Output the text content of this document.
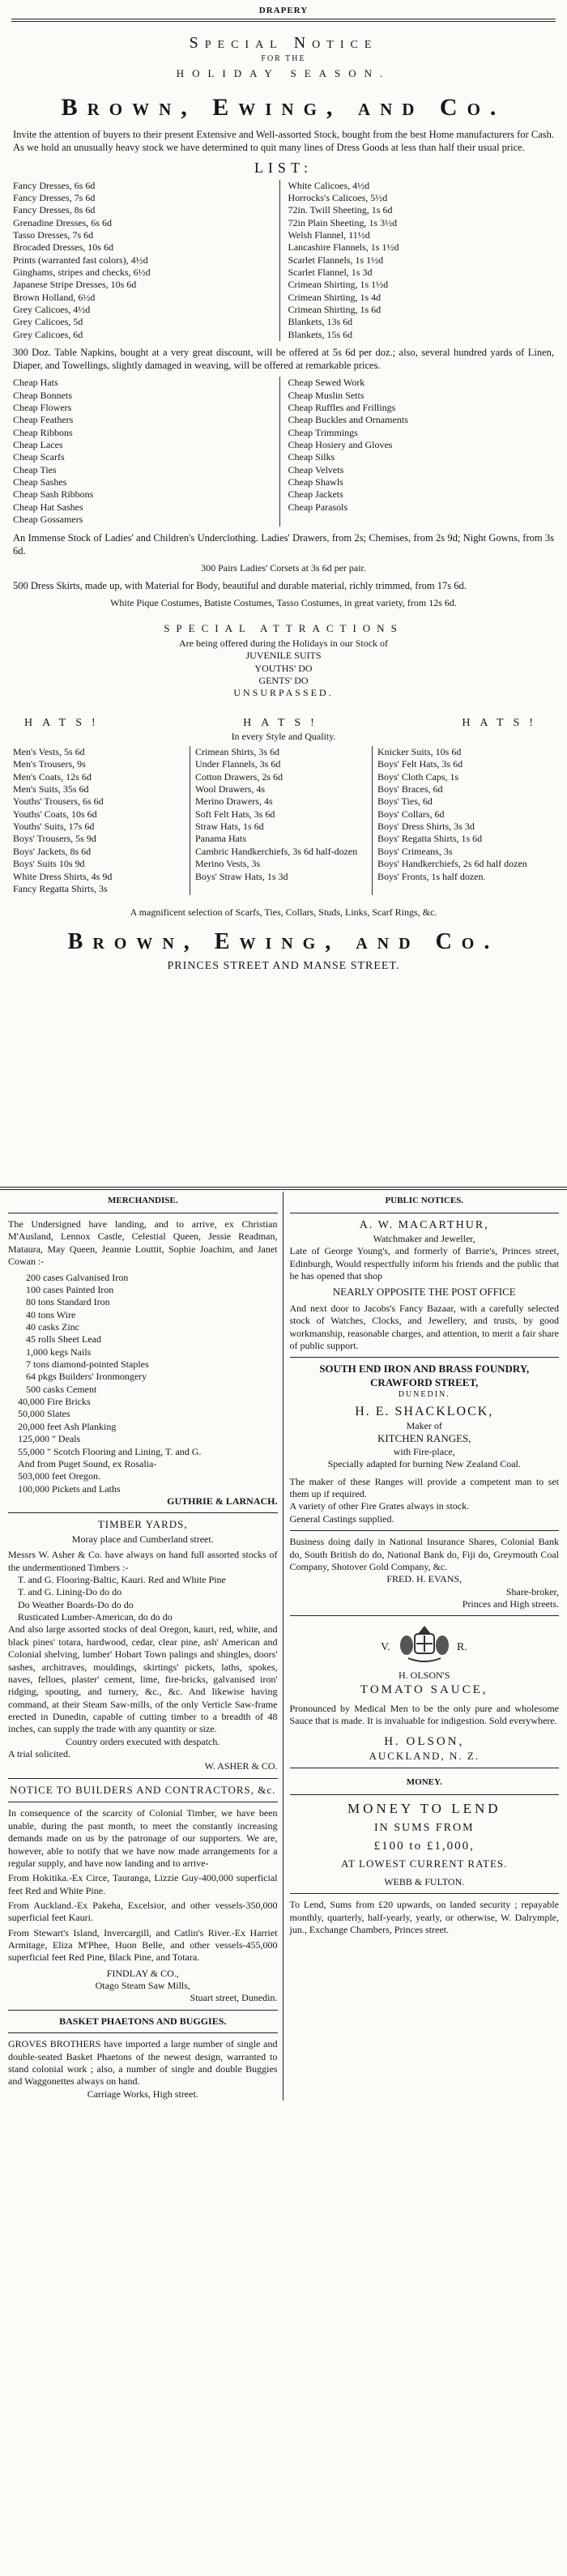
DRAPERY
Special Notice
FOR THE
HOLIDAY SEASON.
Brown, Ewing, and Co.
Invite the attention of buyers to their present Extensive and Well-assorted Stock, bought from the best Home manufacturers for Cash. As we hold an unusually heavy stock we have determined to quit many lines of Dress Goods at less than half their usual price.
LIST:
Fancy Dresses, 6s 6d
Fancy Dresses, 7s 6d
Fancy Dresses, 8s 6d
Grenadine Dresses, 6s 6d
Tasso Dresses, 7s 6d
Brocaded Dresses, 10s 6d
Prints (warranted fast colors), 4½d
Ginghams, stripes and checks, 6½d
Japanese Stripe Dresses, 10s 6d
Brown Holland, 6½d
Grey Calicoes, 4½d
Grey Calicoes, 5d
Grey Calicoes, 6d
White Calicoes, 4½d
Horrocks's Calicoes, 5½d
72in. Twill Sheeting, 1s 6d
72in Plain Sheeting, 1s 3½d
Welsh Flannel, 11½d
Lancashire Flannels, 1s 1½d
Scarlet Flannels, 1s 1½d
Scarlet Flannel, 1s 3d
Crimean Shirting, 1s 1½d
Crimean Shirting, 1s 4d
Crimean Shirting, 1s 6d
Blankets, 13s 6d
Blankets, 15s 6d
300 Doz. Table Napkins, bought at a very great discount, will be offered at 5s 6d per doz.; also, several hundred yards of Linen, Diaper, and Towellings, slightly damaged in weaving, will be offered at remarkable prices.
Cheap Hats
Cheap Bonnets
Cheap Flowers
Cheap Feathers
Cheap Ribbons
Cheap Laces
Cheap Scarfs
Cheap Ties
Cheap Sashes
Cheap Sash Ribbons
Cheap Hat Sashes
Cheap Gossamers
Cheap Sewed Work
Cheap Muslin Setts
Cheap Ruffles and Frillings
Cheap Buckles and Ornaments
Cheap Trimmings
Cheap Hosiery and Gloves
Cheap Silks
Cheap Velvets
Cheap Shawls
Cheap Jackets
Cheap Parasols
An Immense Stock of Ladies' and Children's Underclothing. Ladies' Drawers, from 2s; Chemises, from 2s 9d; Night Gowns, from 3s 6d.
300 Pairs Ladies' Corsets at 3s 6d per pair.
500 Dress Skirts, made up, with Material for Body, beautiful and durable material, richly trimmed, from 17s 6d.
White Pique Costumes, Batiste Costumes, Tasso Costumes, in great variety, from 12s 6d.
SPECIAL ATTRACTIONS
Are being offered during the Holidays in our Stock of
JUVENILE SUITS
YOUTHS' DO
GENTS' DO
UNSURPASSED.
HATS!	HATS!	HATS!
In every Style and Quality.
Men's Vests, 5s 6d
Men's Trousers, 9s
Men's Coats, 12s 6d
Men's Suits, 35s 6d
Youths' Trousers, 6s 6d
Youths' Coats, 10s 6d
Youths' Suits, 17s 6d
Boys' Trousers, 5s 9d
Boys' Jackets, 8s 6d
Boys' Suits 10s 9d
White Dress Shirts, 4s 9d
Fancy Regatta Shirts, 3s
Crimean Shirts, 3s 6d
Under Flannels, 3s 6d
Cotton Drawers, 2s 6d
Wool Drawers, 4s
Merino Drawers, 4s
Soft Felt Hats, 3s 6d
Straw Hats, 1s 6d
Panama Hats
Cambric Handkerchiefs, 3s 6d half-dozen
Merino Vests, 3s
Boys' Straw Hats, 1s 3d
Knicker Suits, 10s 6d
Boys' Felt Hats, 3s 6d
Boys' Cloth Caps, 1s
Boys' Braces, 6d
Boys' Ties, 6d
Boys' Collars, 6d
Boys' Dress Shirts, 3s 3d
Boys' Regatta Shirts, 1s 6d
Boys' Crimeans, 3s
Boys' Handkerchiefs, 2s 6d half dozen
Boys' Fronts, 1s half dozen.
A magnificent selection of Scarfs, Ties, Collars, Studs, Links, Scarf Rings, &c.
Brown, Ewing, and Co.
PRINCES STREET AND MANSE STREET.
MERCHANDISE.
The Undersigned have landing, and to arrive, ex Christian M'Ausland, Lennox Castle, Celestial Queen, Jessie Readman, Mataura, May Queen, Jeannie Louttit, Sophie Joachim, and Janet Cowan :-
200 cases Galvanised Iron
100 cases Painted Iron
80 tons Standard Iron
40 tons Wire
40 casks Zinc
45 rolls Sheet Lead
1,000 kegs Nails
7 tons diamond-pointed Staples
64 pkgs Builders' Ironmongery
500 casks Cement
40,000 Fire Bricks
50,000 Slates
20,000 feet Ash Planking
125,000 " Deals
55,000 " Scotch Flooring and Lining, T. and G.
And from Puget Sound, ex Rosalia-
503,000 feet Oregon.
100,000 Pickets and Laths
GUTHRIE & LARNACH.
TIMBER YARDS,
Moray place and Cumberland street.
Messrs W. Asher & Co. have always on hand full assorted stocks of the undermentioned Timbers :-
T. and G. Flooring-Baltic, Kauri. Red and White Pine
T. and G. Lining-Do do do
Do Weather Boards-Do do do
Rusticated Lumber-American, do do do
And also large assorted stocks of deal Oregon, kauri, red, white, and black pines' totara, hardwood, cedar, clear pine, ash' American and Colonial shelving, lumber' Hobart Town palings and shingles, doors' sashes, architraves, mouldings, skirtings' pickets, laths, spokes, naves, felloes, plaster' cement, lime, fire-bricks, galvanised iron' ridging, spouting, and turnery, &c., &c. And likewise having command, at their Steam Saw-mills, of the only Verticle Saw-frame erected in Dunedin, capable of cutting timber to a breadth of 48 inches, can supply the trade with any quantity or size.
Country orders executed with despatch.
A trial solicited.
W. ASHER & CO.
NOTICE TO BUILDERS AND CONTRACTORS, &c.
In consequence of the scarcity of Colonial Timber, we have been unable, during the past month, to meet the constantly increasing demands made on us by the patronage of our supporters. We are, however, able to notify that we have now made arrangements for a regular supply, and have now landing and to arrive-
From Hokitika.-Ex Circe, Tauranga, Lizzie Guy-400,000 superficial feet Red and White Pine.
From Auckland.-Ex Pakeha, Excelsior, and other vessels-350,000 superficial feet Kauri.
From Stewart's Island, Invercargill, and Catlin's River.-Ex Harriet Armitage, Eliza M'Phee, Huon Belle, and other vessels-455,000 superficial feet Red Pine, Black Pine, and Totara.
FINDLAY & CO.,
Otago Steam Saw Mills,
Stuart street, Dunedin.
BASKET PHAETONS AND BUGGIES.
GROVES BROTHERS have imported a large number of single and double-seated Basket Phaetons of the newest design, warranted to stand colonial work ; also, a number of single and double Buggies and Waggonettes always on hand.
Carriage Works, High street.
PUBLIC NOTICES.
A. W. MACARTHUR,
Watchmaker and Jeweller,
Late of George Young's, and formerly of Barrie's, Princes street, Edinburgh, Would respectfully inform his friends and the public that he has opened that shop
NEARLY OPPOSITE THE POST OFFICE
And next door to Jacobs's Fancy Bazaar, with a carefully selected stock of Watches, Clocks, and Jewellery, and trusts, by good workmanship, reasonable charges, and attention, to merit a fair share of public support.
SOUTH END IRON AND BRASS FOUNDRY,
CRAWFORD STREET,
DUNEDIN.
H. E. SHACKLOCK,
Maker of
KITCHEN RANGES,
with Fire-place,
Specially adapted for burning New Zealand Coal.
The maker of these Ranges will provide a competent man to set them up if required.
A variety of other Fire Grates always in stock.
General Castings supplied.
Business doing daily in National Insurance Shares, Colonial Bank do, South British do do, National Bank do, Fiji do, Greymouth Coal Company, Shotover Gold Company, &c.
FRED. H. EVANS,
Share-broker,
Princes and High streets.
V.	R.
H. OLSON'S
TOMATO SAUCE,
Pronounced by Medical Men to be the only pure and wholesome Sauce that is made. It is invaluable for indigestion. Sold everywhere.
H. OLSON,
AUCKLAND, N. Z.
MONEY.
MONEY TO LEND
IN SUMS FROM
£100 to £1,000,
AT LOWEST CURRENT RATES.
WEBB & FULTON.
To Lend, Sums from £20 upwards, on landed security ; repayable monthly, quarterly, half-yearly, yearly, or otherwise, W. Dalrymple, jun., Exchange Chambers, Princes street.
